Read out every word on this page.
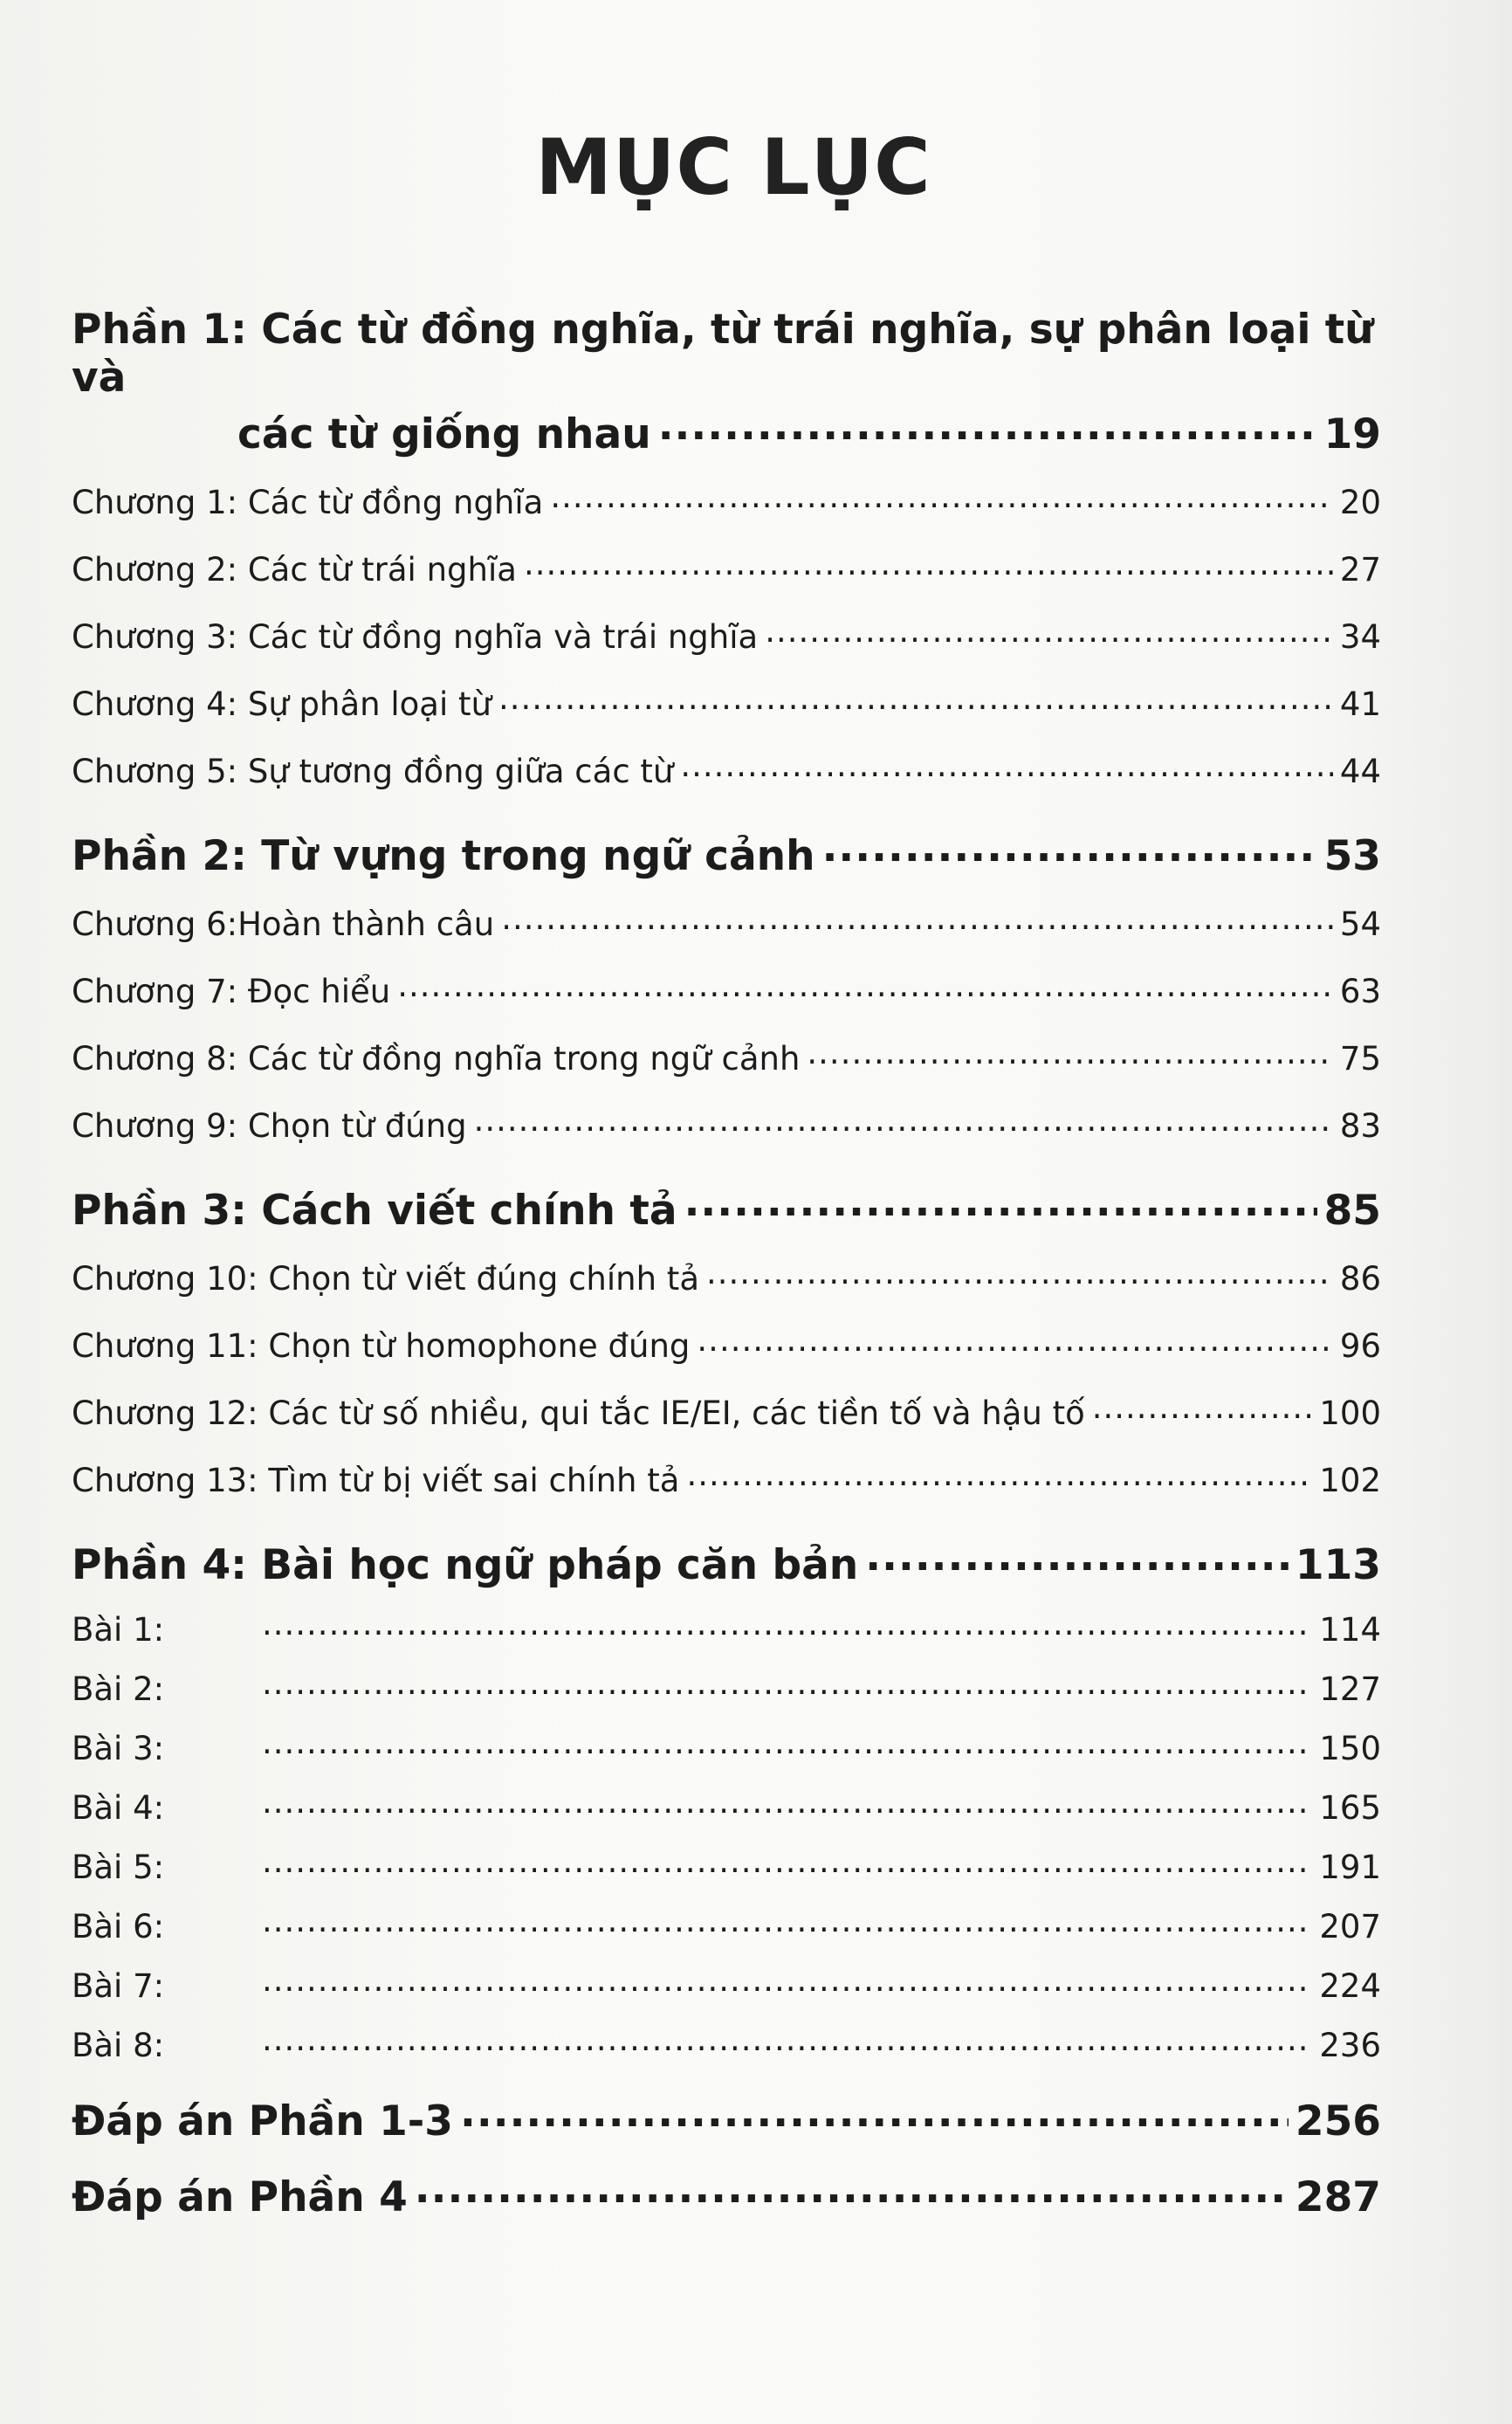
MỤC LỤC
Phần 1: Các từ đồng nghĩa, từ trái nghĩa, sự phân loại từ và
các từ giống nhau .....	19
Chương 1: Các từ đồng nghĩa .....	20
Chương 2: Các từ trái nghĩa .....	27
Chương 3: Các từ đồng nghĩa và trái nghĩa .....	34
Chương 4: Sự phân loại từ .....	41
Chương 5: Sự tương đồng giữa các từ .....	44
Phần 2: Từ vựng trong ngữ cảnh .....	53
Chương 6:Hoàn thành câu .....	54
Chương 7: Đọc hiểu .....	63
Chương 8: Các từ đồng nghĩa trong ngữ cảnh .....	75
Chương 9: Chọn từ đúng .....	83
Phần 3: Cách viết chính tả .....	85
Chương 10: Chọn từ viết đúng chính tả .....	86
Chương 11: Chọn từ homophone đúng .....	96
Chương 12: Các từ số nhiều, qui tắc IE/EI, các tiền tố và hậu tố .....	100
Chương 13: Tìm từ bị viết sai chính tả .....	102
Phần 4: Bài học ngữ pháp căn bản .....	113
Bài 1: .....	114
Bài 2: .....	127
Bài 3: .....	150
Bài 4: .....	165
Bài 5: .....	191
Bài 6: .....	207
Bài 7: .....	224
Bài 8: .....	236
Đáp án Phần 1-3 .....	256
Đáp án Phần 4 .....	287
